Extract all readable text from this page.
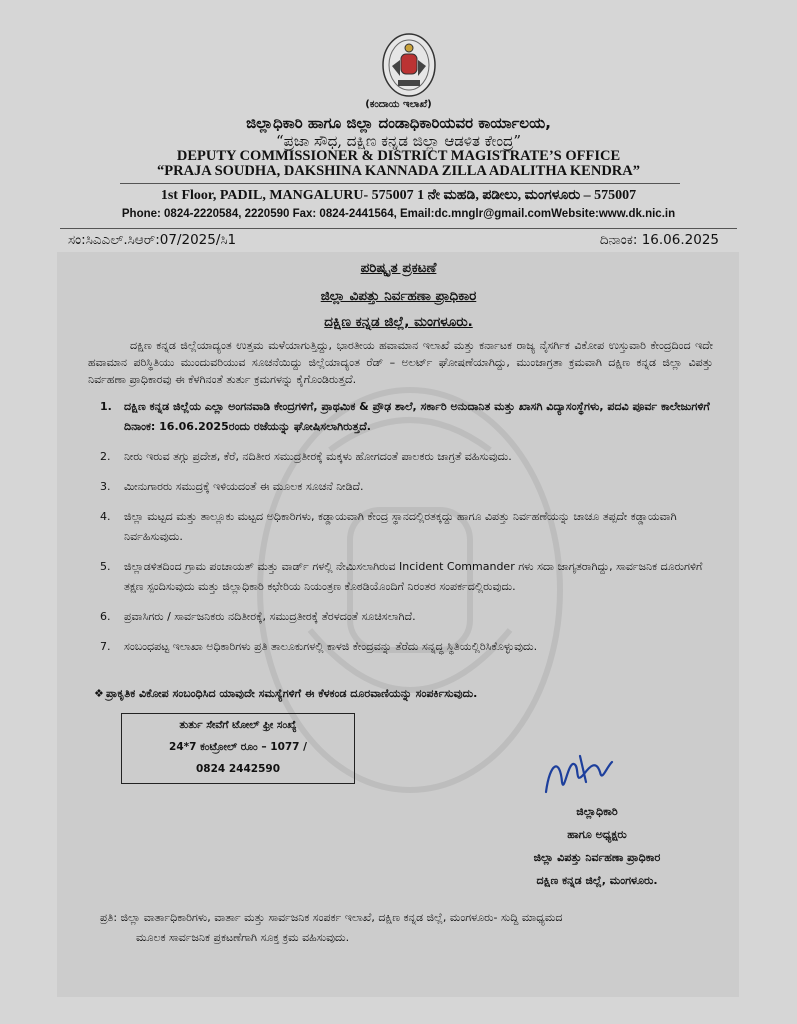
(ಕಂದಾಯ ಇಲಾಖೆ)
ಜಿಲ್ಲಾಧಿಕಾರಿ ಹಾಗೂ ಜಿಲ್ಲಾ ದಂಡಾಧಿಕಾರಿಯವರ ಕಾರ್ಯಾಲಯ,
“ಪ್ರಜಾ ಸೌಧ, ದಕ್ಷಿಣ ಕನ್ನಡ ಜಿಲ್ಲಾ ಆಡಳಿತ ಕೇಂದ್ರ”
DEPUTY COMMISSIONER & DISTRICT MAGISTRATE’S OFFICE
“PRAJA SOUDHA, DAKSHINA KANNADA ZILLA ADALITHA KENDRA”
1st Floor, PADIL, MANGALURU- 575007 1 ನೇ ಮಹಡಿ, ಪಡೀಲು, ಮಂಗಳೂರು – 575007
Phone: 0824-2220584, 2220590 Fax: 0824-2441564, Email:dc.mnglr@gmail.comWebsite:www.dk.nic.in
ಸಂ:ಸಿಎಎಲ್.ಸಿಆರ್:07/2025/ಸಿ1	ದಿನಾಂಕ: 16.06.2025
ಪರಿಷ್ಕೃತ ಪ್ರಕಟಣೆ
ಜಿಲ್ಲಾ ವಿಪತ್ತು ನಿರ್ವಹಣಾ ಪ್ರಾಧಿಕಾರ
ದಕ್ಷಿಣ ಕನ್ನಡ ಜಿಲ್ಲೆ, ಮಂಗಳೂರು.
ದಕ್ಷಿಣ ಕನ್ನಡ ಜಿಲ್ಲೆಯಾದ್ಯಂತ ಉತ್ತಮ ಮಳೆಯಾಗುತ್ತಿದ್ದು, ಭಾರತೀಯ ಹವಾಮಾನ ಇಲಾಖೆ ಮತ್ತು ಕರ್ನಾಟಕ ರಾಜ್ಯ ನೈಸರ್ಗಿಕ ವಿಕೋಪ ಉಸ್ತುವಾರಿ ಕೇಂದ್ರದಿಂದ ಇದೇ ಹವಾಮಾನ ಪರಿಸ್ಥಿತಿಯು ಮುಂದುವರಿಯುವ ಸೂಚನೆಯಿದ್ದು ಜಿಲ್ಲೆಯಾದ್ಯಂತ ರೆಡ್ – ಅಲರ್ಟ್ ಘೋಷಣೆಯಾಗಿದ್ದು, ಮುಂಜಾಗ್ರತಾ ಕ್ರಮವಾಗಿ ದಕ್ಷಿಣ ಕನ್ನಡ ಜಿಲ್ಲಾ ವಿಪತ್ತು ನಿರ್ವಹಣಾ ಪ್ರಾಧಿಕಾರವು ಈ ಕೆಳಗಿನಂತೆ ತುರ್ತು ಕ್ರಮಗಳನ್ನು ಕೈಗೊಂಡಿರುತ್ತದೆ.
1. ದಕ್ಷಿಣ ಕನ್ನಡ ಜಿಲ್ಲೆಯ ಎಲ್ಲಾ ಅಂಗನವಾಡಿ ಕೇಂದ್ರಗಳಿಗೆ, ಪ್ರಾಥಮಿಕ & ಪ್ರೌಢ ಶಾಲೆ, ಸರ್ಕಾರಿ ಅನುದಾನಿತ ಮತ್ತು ಖಾಸಗಿ ವಿದ್ಯಾಸಂಸ್ಥೆಗಳು, ಪದವಿ ಪೂರ್ವ ಕಾಲೇಜುಗಳಿಗೆ ದಿನಾಂಕ: 16.06.2025ರಂದು ರಜೆಯನ್ನು ಘೋಷಿಸಲಾಗಿರುತ್ತದೆ.
2. ನೀರು ಇರುವ ತಗ್ಗು ಪ್ರದೇಶ, ಕೆರೆ, ನದಿತೀರ ಸಮುದ್ರತೀರಕ್ಕೆ ಮಕ್ಕಳು ಹೋಗದಂತೆ ಪಾಲಕರು ಜಾಗ್ರತೆ ವಹಿಸುವುದು.
3. ಮೀನುಗಾರರು ಸಮುದ್ರಕ್ಕೆ ಇಳಿಯದಂತೆ ಈ ಮೂಲಕ ಸೂಚನೆ ನೀಡಿದೆ.
4. ಜಿಲ್ಲಾ ಮಟ್ಟದ ಮತ್ತು ತಾಲ್ಲೂಕು ಮಟ್ಟದ ಅಧಿಕಾರಿಗಳು, ಕಡ್ಡಾಯವಾಗಿ ಕೇಂದ್ರ ಸ್ಥಾನದಲ್ಲಿರತಕ್ಕದ್ದು ಹಾಗೂ ವಿಪತ್ತು ನಿರ್ವಹಣೆಯನ್ನು ಚಾಚೂ ತಪ್ಪದೇ ಕಡ್ಡಾಯವಾಗಿ ನಿರ್ವಹಿಸುವುದು.
5. ಜಿಲ್ಲಾಡಳಿತದಿಂದ ಗ್ರಾಮ ಪಂಚಾಯತ್ ಮತ್ತು ವಾರ್ಡ್ ಗಳಲ್ಲಿ ನೇಮಿಸಲಾಗಿರುವ Incident Commander ಗಳು ಸದಾ ಜಾಗೃತರಾಗಿದ್ದು, ಸಾರ್ವಜನಿಕ ದೂರುಗಳಿಗೆ ತಕ್ಷಣ ಸ್ಪಂದಿಸುವುದು ಮತ್ತು ಜಿಲ್ಲಾಧಿಕಾರಿ ಕಛೇರಿಯ ನಿಯಂತ್ರಣ ಕೊಠಡಿಯೊಂದಿಗೆ ನಿರಂತರ ಸಂಪರ್ಕದಲ್ಲಿರುವುದು.
6. ಪ್ರವಾಸಿಗರು / ಸಾರ್ವಜನಿಕರು ನದಿತೀರಕ್ಕೆ, ಸಮುದ್ರತೀರಕ್ಕೆ ತೆರಳದಂತೆ ಸೂಚಿಸಲಾಗಿದೆ.
7. ಸಂಬಂಧಪಟ್ಟ ಇಲಾಖಾ ಅಧಿಕಾರಿಗಳು ಪ್ರತಿ ತಾಲೂಕುಗಳಲ್ಲಿ ಕಾಳಜಿ ಕೇಂದ್ರವನ್ನು ತೆರೆದು ಸನ್ನದ್ಧ ಸ್ಥಿತಿಯಲ್ಲಿರಿಸಿಕೊಳ್ಳುವುದು.
❖ ಪ್ರಾಕೃತಿಕ ವಿಕೋಪ ಸಂಬಂಧಿಸಿದ ಯಾವುದೇ ಸಮಸ್ಯೆಗಳಿಗೆ ಈ ಕೆಳಕಂಡ ದೂರವಾಣಿಯನ್ನು ಸಂಪರ್ಕಿಸುವುದು.
ತುರ್ತು ಸೇವೆಗೆ ಟೋಲ್ ಫ್ರೀ ಸಂಖ್ಯೆ
24*7 ಕಂಟ್ರೋಲ್ ರೂಂ – 1077 /
0824 2442590
ಜಿಲ್ಲಾಧಿಕಾರಿ
ಹಾಗೂ ಅಧ್ಯಕ್ಷರು
ಜಿಲ್ಲಾ ವಿಪತ್ತು ನಿರ್ವಹಣಾ ಪ್ರಾಧಿಕಾರ
ದಕ್ಷಿಣ ಕನ್ನಡ ಜಿಲ್ಲೆ, ಮಂಗಳೂರು.
ಪ್ರತಿ: ಜಿಲ್ಲಾ ವಾರ್ತಾಧಿಕಾರಿಗಳು, ವಾರ್ತಾ ಮತ್ತು ಸಾರ್ವಜನಿಕ ಸಂಪರ್ಕ ಇಲಾಖೆ, ದಕ್ಷಿಣ ಕನ್ನಡ ಜಿಲ್ಲೆ, ಮಂಗಳೂರು- ಸುದ್ದಿ ಮಾಧ್ಯಮದ
ಮೂಲಕ ಸಾರ್ವಜನಿಕ ಪ್ರಕಟಣೆಗಾಗಿ ಸೂಕ್ತ ಕ್ರಮ ವಹಿಸುವುದು.
